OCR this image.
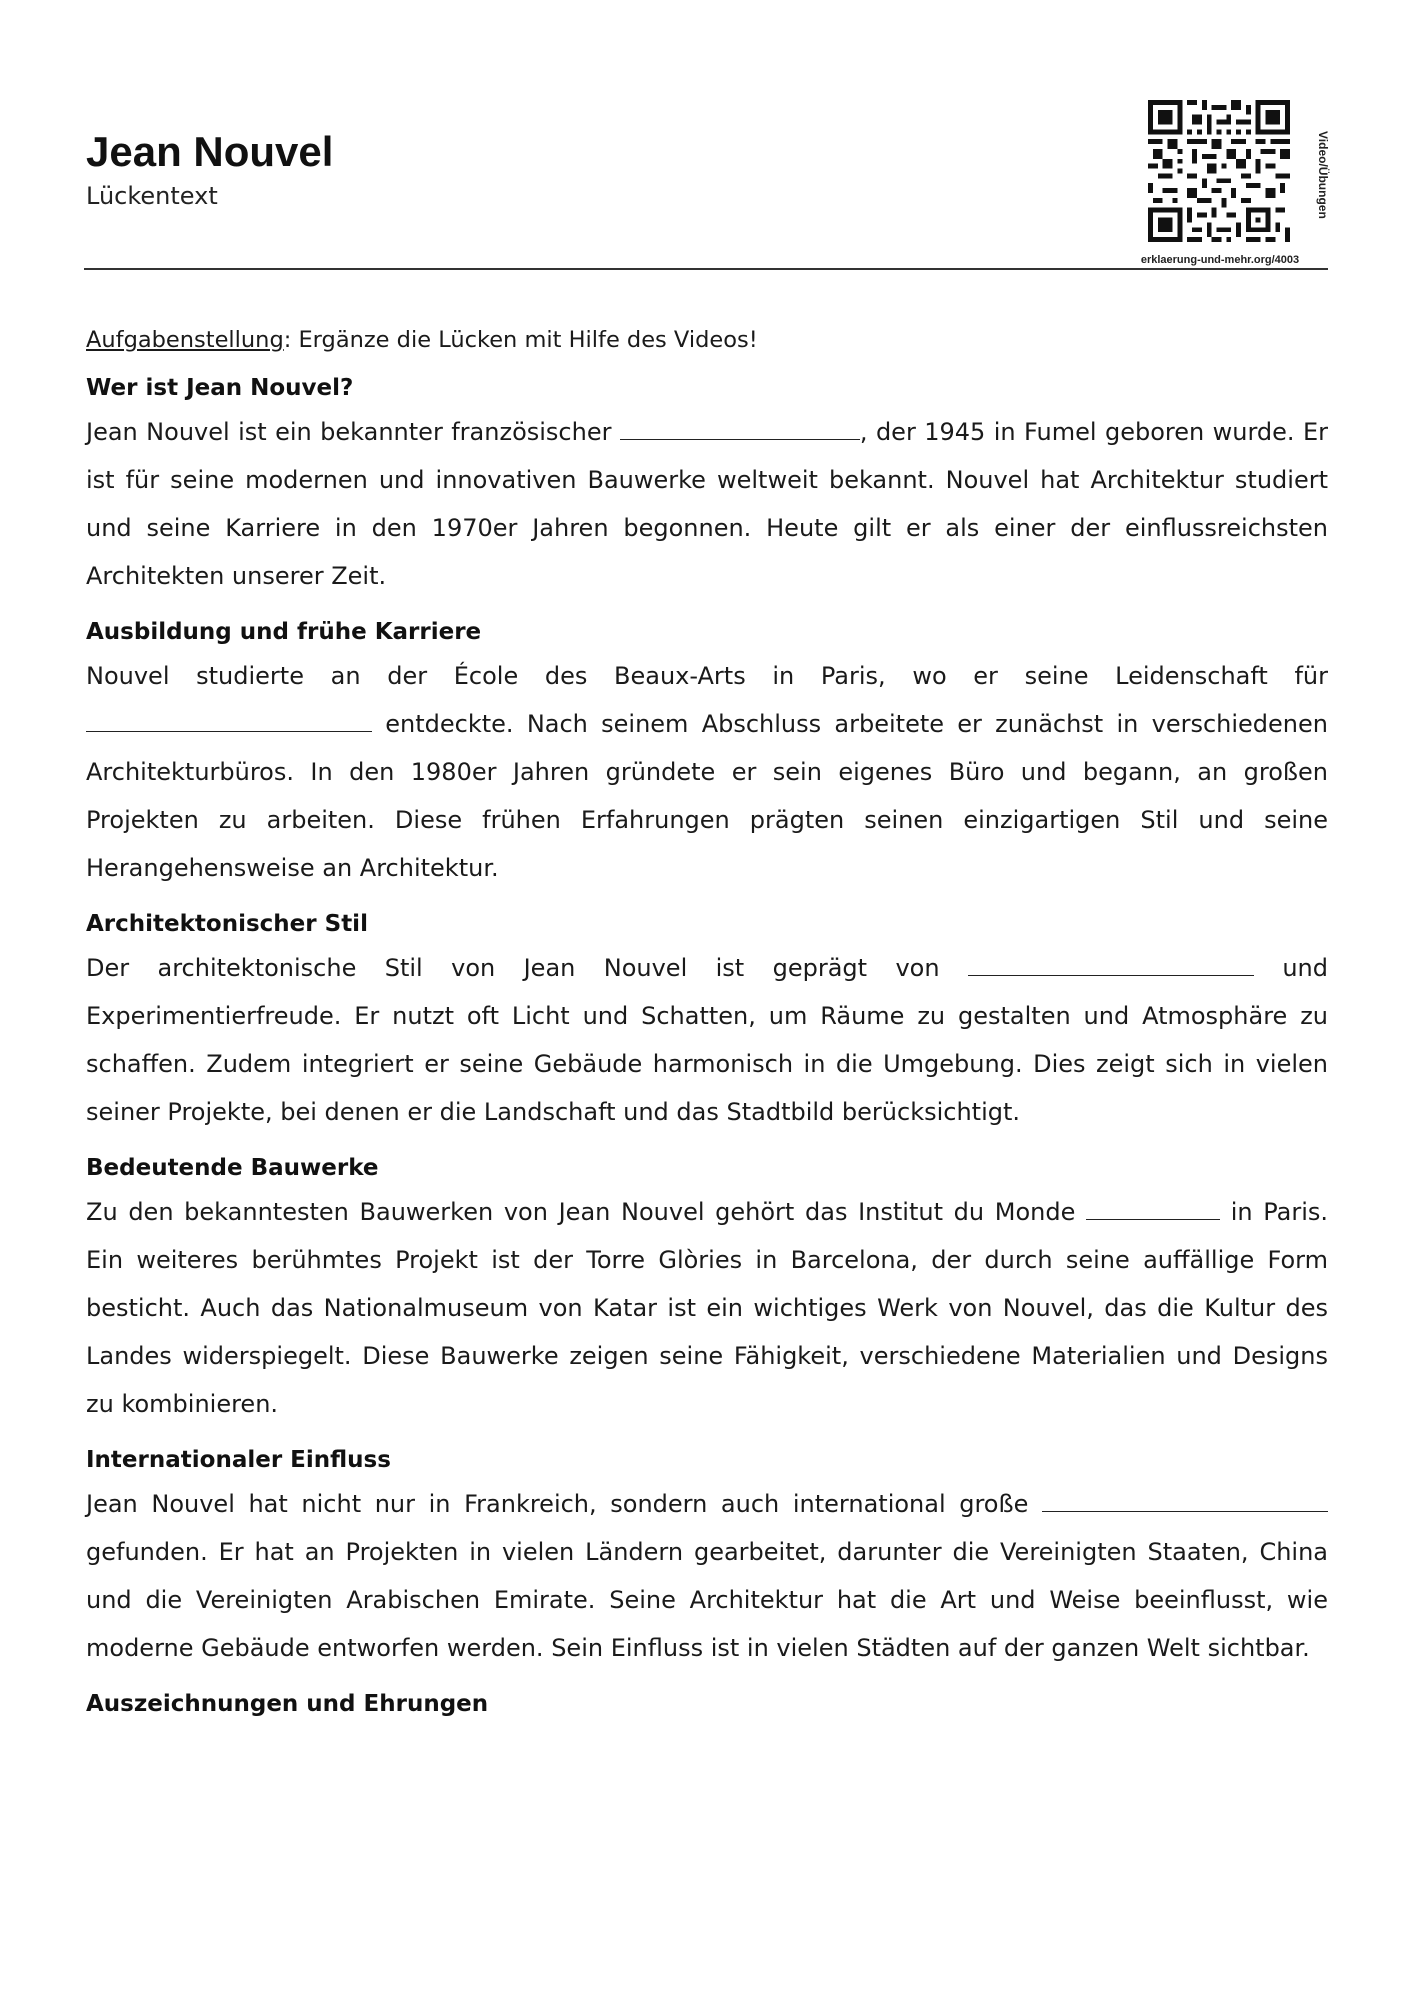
Jean Nouvel
Lückentext	Video/Übungen
erklaerung-und-mehr.org/4003

Aufgabenstellung: Ergänze die Lücken mit Hilfe des Videos!

Wer ist Jean Nouvel?

Jean Nouvel ist ein bekannter französischer	, der 1945 in Fumel geboren wurde. Er ist für seine modernen und innovativen Bauwerke weltweit bekannt. Nouvel hat Architektur studiert und seine Karriere in den 1970er Jahren begonnen. Heute gilt er als einer der einflussreichsten Architekten unserer Zeit.

Ausbildung und frühe Karriere

Nouvel studierte an der École des Beaux-Arts in Paris, wo er seine Leidenschaft für  entdeckte. Nach seinem Abschluss arbeitete er zunächst in verschiedenen Architekturbüros. In den 1980er Jahren gründete er sein eigenes Büro und begann, an großen Projekten zu arbeiten. Diese frühen Erfahrungen prägten seinen einzigartigen Stil und seine Herangehensweise an Architektur.

Architektonischer Stil

Der architektonische Stil von Jean Nouvel ist geprägt von	und Experimentierfreude. Er nutzt oft Licht und Schatten, um Räume zu gestalten und Atmosphäre zu schaffen. Zudem integriert er seine Gebäude harmonisch in die Umgebung. Dies zeigt sich in vielen seiner Projekte, bei denen er die Landschaft und das Stadtbild berücksichtigt.

Bedeutende Bauwerke

Zu den bekanntesten Bauwerken von Jean Nouvel gehört das Institut du Monde	in Paris. Ein weiteres berühmtes Projekt ist der Torre Glòries in Barcelona, der durch seine auffällige Form besticht. Auch das Nationalmuseum von Katar ist ein wichtiges Werk von Nouvel, das die Kultur des Landes widerspiegelt. Diese Bauwerke zeigen seine Fähigkeit, verschiedene Materialien und Designs zu kombinieren.

Internationaler Einfluss

Jean Nouvel hat nicht nur in Frankreich, sondern auch international große  gefunden. Er hat an Projekten in vielen Ländern gearbeitet, darunter die Vereinigten Staaten, China und die Vereinigten Arabischen Emirate. Seine Architektur hat die Art und Weise beeinflusst, wie moderne Gebäude entworfen werden. Sein Einfluss ist in vielen Städten auf der ganzen Welt sichtbar.

Auszeichnungen und Ehrungen
